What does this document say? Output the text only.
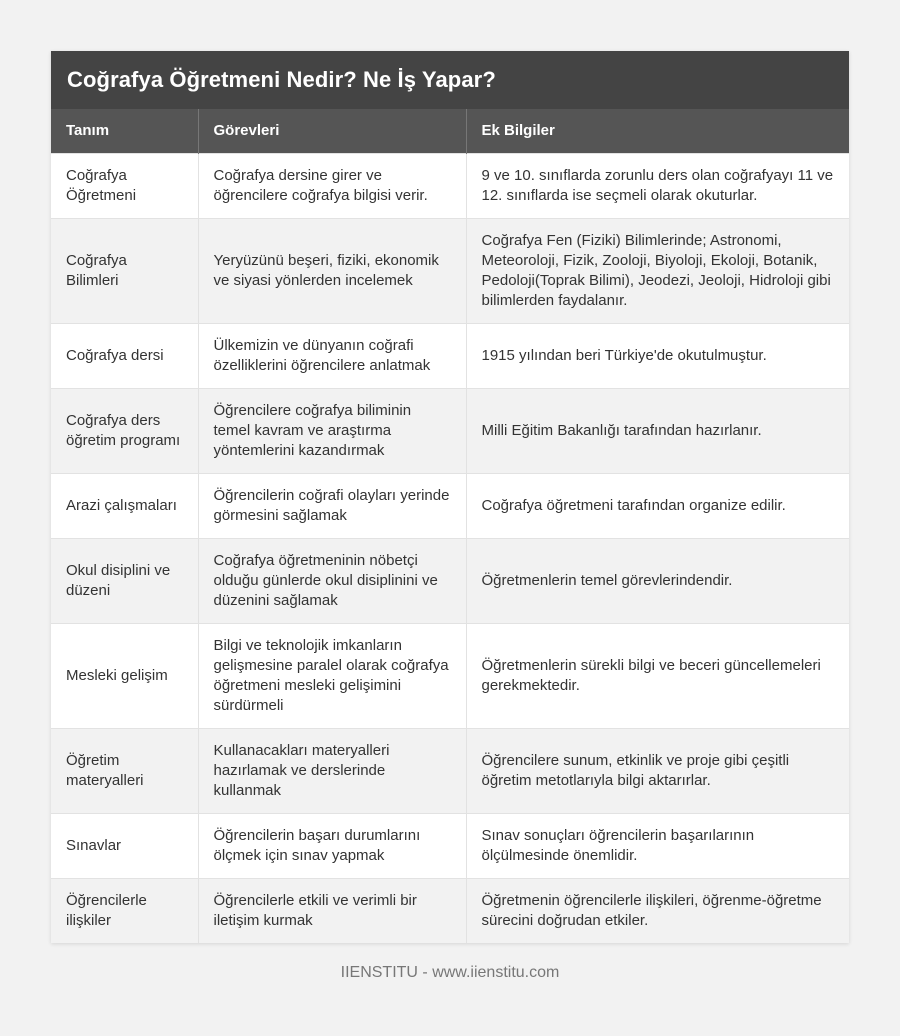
Coğrafya Öğretmeni Nedir? Ne İş Yapar?
Tanım	Görevleri	Ek Bilgiler
Coğrafya Öğretmeni	Coğrafya dersine girer ve öğrencilere coğrafya bilgisi verir.	9 ve 10. sınıflarda zorunlu ders olan coğrafyayı 11 ve 12. sınıflarda ise seçmeli olarak okuturlar.
Coğrafya Bilimleri	Yeryüzünü beşeri, fiziki, ekonomik ve siyasi yönlerden incelemek	Coğrafya Fen (Fiziki) Bilimlerinde; Astronomi, Meteoroloji, Fizik, Zooloji, Biyoloji, Ekoloji, Botanik, Pedoloji(Toprak Bilimi), Jeodezi, Jeoloji, Hidroloji gibi bilimlerden faydalanır.
Coğrafya dersi	Ülkemizin ve dünyanın coğrafi özelliklerini öğrencilere anlatmak	1915 yılından beri Türkiye'de okutulmuştur.
Coğrafya ders öğretim programı	Öğrencilere coğrafya biliminin temel kavram ve araştırma yöntemlerini kazandırmak	Milli Eğitim Bakanlığı tarafından hazırlanır.
Arazi çalışmaları	Öğrencilerin coğrafi olayları yerinde görmesini sağlamak	Coğrafya öğretmeni tarafından organize edilir.
Okul disiplini ve düzeni	Coğrafya öğretmeninin nöbetçi olduğu günlerde okul disiplinini ve düzenini sağlamak	Öğretmenlerin temel görevlerindendir.
Mesleki gelişim	Bilgi ve teknolojik imkanların gelişmesine paralel olarak coğrafya öğretmeni mesleki gelişimini sürdürmeli	Öğretmenlerin sürekli bilgi ve beceri güncellemeleri gerekmektedir.
Öğretim materyalleri	Kullanacakları materyalleri hazırlamak ve derslerinde kullanmak	Öğrencilere sunum, etkinlik ve proje gibi çeşitli öğretim metotlarıyla bilgi aktarırlar.
Sınavlar	Öğrencilerin başarı durumlarını ölçmek için sınav yapmak	Sınav sonuçları öğrencilerin başarılarının ölçülmesinde önemlidir.
Öğrencilerle ilişkiler	Öğrencilerle etkili ve verimli bir iletişim kurmak	Öğretmenin öğrencilerle ilişkileri, öğrenme-öğretme sürecini doğrudan etkiler.
IIENSTITU - www.iienstitu.com
